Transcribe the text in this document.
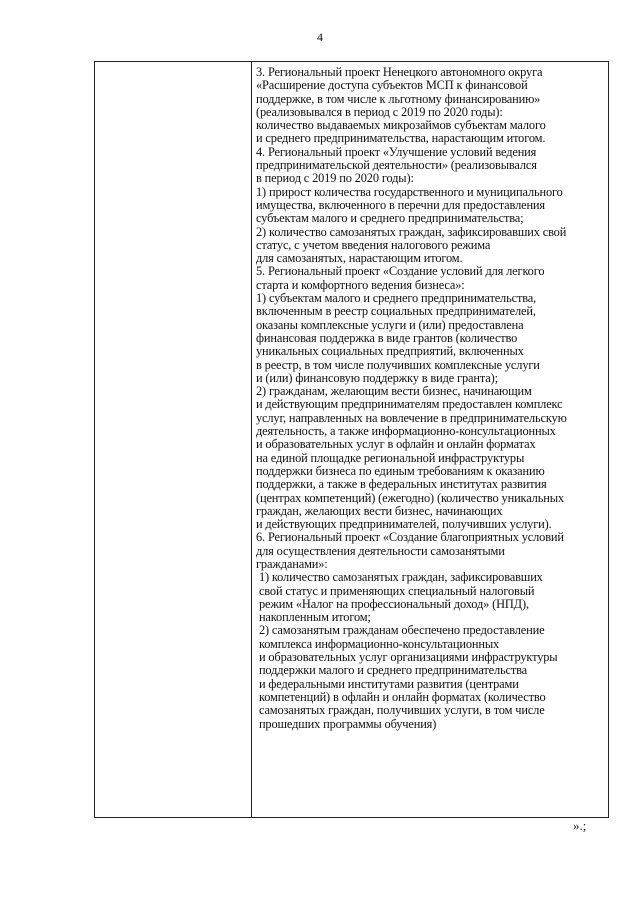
4
3. Региональный проект Ненецкого автономного округа
«Расширение доступа субъектов МСП к финансовой
поддержке, в том числе к льготному финансированию»
(реализовывался в период с 2019 по 2020 годы):
количество выдаваемых микрозаймов субъектам малого
и среднего предпринимательства, нарастающим итогом.
4. Региональный проект «Улучшение условий ведения
предпринимательской деятельности» (реализовывался
в период с 2019 по 2020 годы):
1) прирост количества государственного и муниципального
имущества, включенного в перечни для предоставления
субъектам малого и среднего предпринимательства;
2) количество самозанятых граждан, зафиксировавших свой
статус, с учетом введения налогового режима
для самозанятых, нарастающим итогом.
5. Региональный проект «Создание условий для легкого
старта и комфортного ведения бизнеса»:
1) субъектам малого и среднего предпринимательства,
включенным в реестр социальных предпринимателей,
оказаны комплексные услуги и (или) предоставлена
финансовая поддержка в виде грантов (количество
уникальных социальных предприятий, включенных
в реестр, в том числе получивших комплексные услуги
и (или) финансовую поддержку в виде гранта);
2) гражданам, желающим вести бизнес, начинающим
и действующим предпринимателям предоставлен комплекс
услуг, направленных на вовлечение в предпринимательскую
деятельность, а также информационно-консультационных
и образовательных услуг в офлайн и онлайн форматах
на единой площадке региональной инфраструктуры
поддержки бизнеса по единым требованиям к оказанию
поддержки, а также в федеральных институтах развития
(центрах компетенций) (ежегодно) (количество уникальных
граждан, желающих вести бизнес, начинающих
и действующих предпринимателей, получивших услуги).
6. Региональный проект «Создание благоприятных условий
для осуществления деятельности самозанятыми
гражданами»:
1) количество самозанятых граждан, зафиксировавших
свой статус и применяющих специальный налоговый
режим «Налог на профессиональный доход» (НПД),
накопленным итогом;
2) самозанятым гражданам обеспечено предоставление
комплекса информационно-консультационных
и образовательных услуг организациями инфраструктуры
поддержки малого и среднего предпринимательства
и федеральными институтами развития (центрами
компетенций) в офлайн и онлайн форматах (количество
самозанятых граждан, получивших услуги, в том числе
прошедших программы обучения)
».;
